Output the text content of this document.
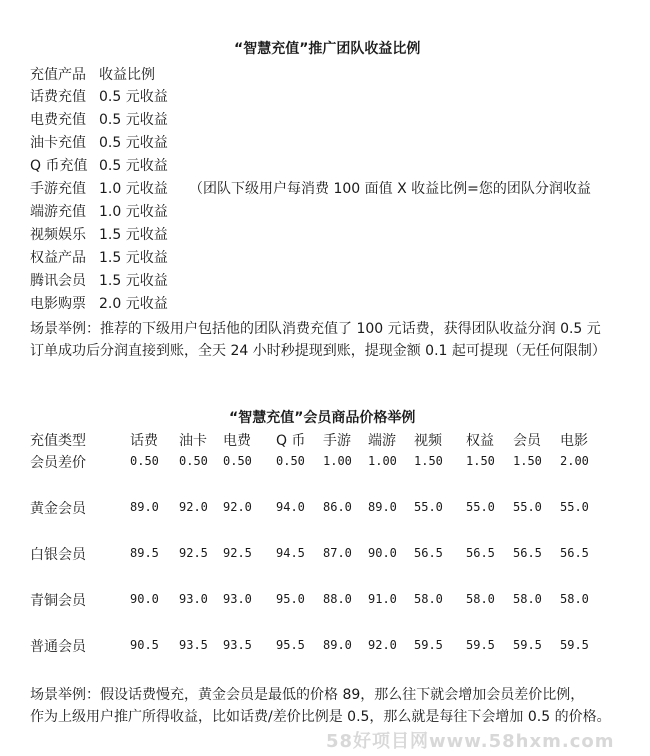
“智慧充值”推广团队收益比例
充值产品 收益比例
话费充值 0.5 元收益
电费充值 0.5 元收益
油卡充值 0.5 元收益
Q 币充值 0.5 元收益
手游充值 1.0 元收益
端游充值 1.0 元收益
视频娱乐 1.5 元收益
权益产品 1.5 元收益
腾讯会员 1.5 元收益
电影购票 2.0 元收益
（团队下级用户每消费 100 面值 X 收益比例=您的团队分润收益
场景举例：推荐的下级用户包括他的团队消费充值了 100 元话费，获得团队收益分润 0.5 元
订单成功后分润直接到账，全天 24 小时秒提现到账，提现金额 0.1 起可提现（无任何限制）
“智慧充值”会员商品价格举例
充值类型	话费 油卡 电费 Q 币 手游 端游 视频 权益 会员 电影
会员差价	0.50 0.50 0.50 0.50 1.00 1.00 1.50 1.50 1.50 2.00
黄金会员	89.0 92.0 92.0 94.0 86.0 89.0 55.0 55.0 55.0 55.0
白银会员	89.5 92.5 92.5 94.5 87.0 90.0 56.5 56.5 56.5 56.5
青铜会员	90.0 93.0 93.0 95.0 88.0 91.0 58.0 58.0 58.0 58.0
普通会员	90.5 93.5 93.5 95.5 89.0 92.0 59.5 59.5 59.5 59.5
场景举例：假设话费慢充，黄金会员是最低的价格 89，那么往下就会增加会员差价比例，
作为上级用户推广所得收益，比如话费/差价比例是 0.5，那么就是每往下会增加 0.5 的价格。
58好项目网www.58hxm.com
